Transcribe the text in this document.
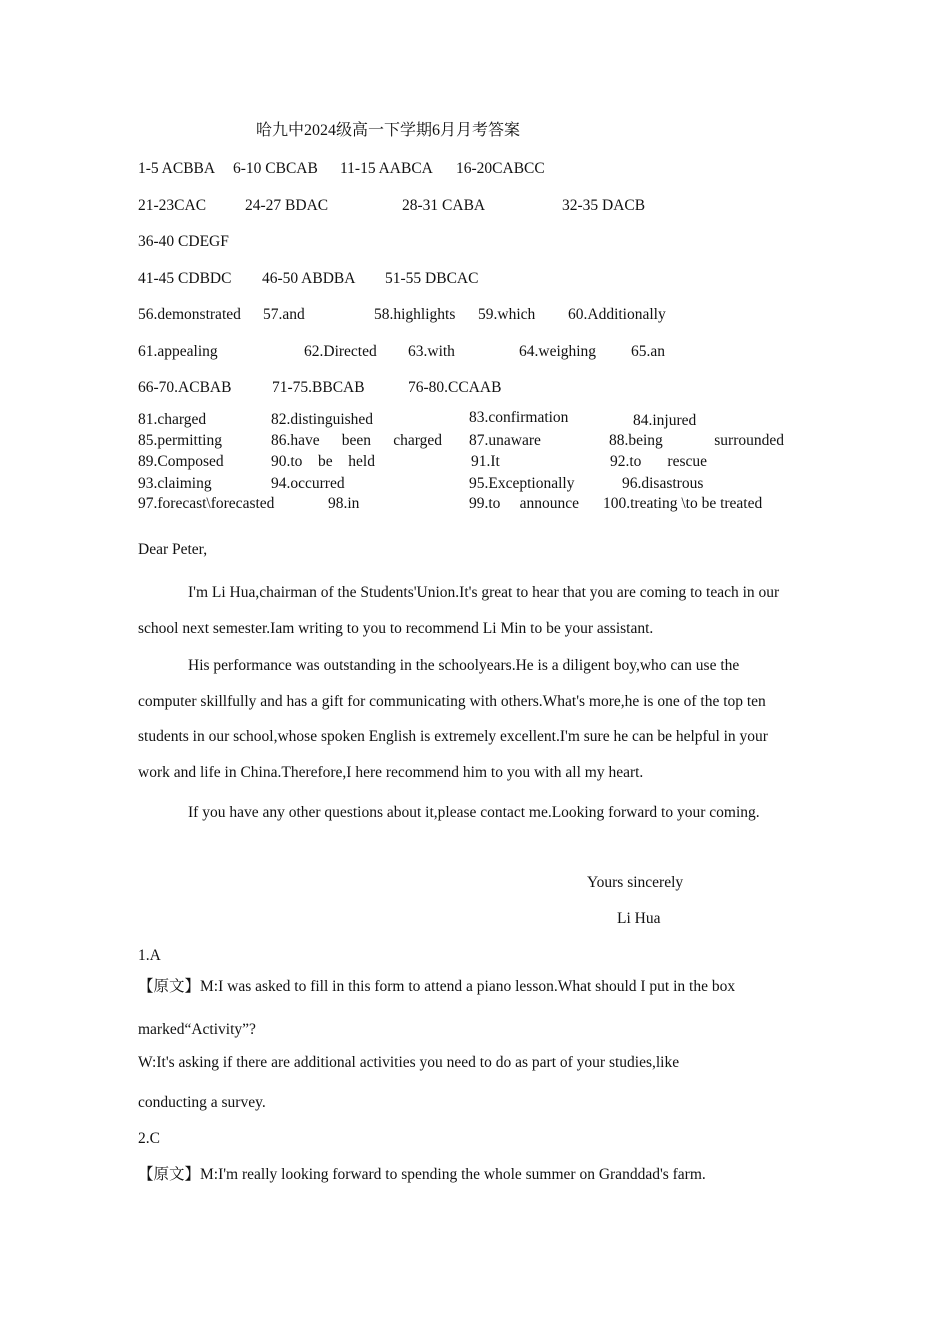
哈九中2024级高一下学期6月月考答案
1-5 ACBBA 6-10 CBCAB 11-15 AABCA 16-20CABCC
21-23CAC	24-27 BDAC	28-31 CABA	32-35 DACB
36-40 CDEGF
41-45 CDBDC 46-50 ABDBA 51-55 DBCAC
56.demonstrated 57.and	58.highlights 59.which 60.Additionally
61.appealing	62.Directed 63.with	64.weighing 65.an
66-70.ACBAB	71-75.BBCAB	76-80.CCAAB
81.charged	82.distinguished	83.confirmation	84.injured
85.permitting	86.have been charged 87.unaware	88.being	surrounded
89.Composed	90.to be held	91.It	92.to rescue
93.claiming	94.occurred	95.Exceptionally	96.disastrous
97.forecast\forecasted	98.in	99.to announce 100.treating \to be treated
Dear Peter,
I'm Li Hua,chairman of the Students'Union.It's great to hear that you are coming to teach in our school next semester.Iam writing to you to recommend Li Min to be your assistant.
His performance was outstanding in the schoolyears.He is a diligent boy,who can use the computer skillfully and has a gift for communicating with others.What's more,he is one of the top ten students in our school,whose spoken English is extremely excellent.I'm sure he can be helpful in your work and life in China.Therefore,I here recommend him to you with all my heart.
If you have any other questions about it,please contact me.Looking forward to your coming.
Yours sincerely
Li Hua
1.A
【原文】M:I was asked to fill in this form to attend a piano lesson.What should I put in the box
marked“Activity”?
W:It's asking if there are additional activities you need to do as part of your studies,like
conducting a survey.
2.C
【原文】M:I'm really looking forward to spending the whole summer on Granddad's farm.
